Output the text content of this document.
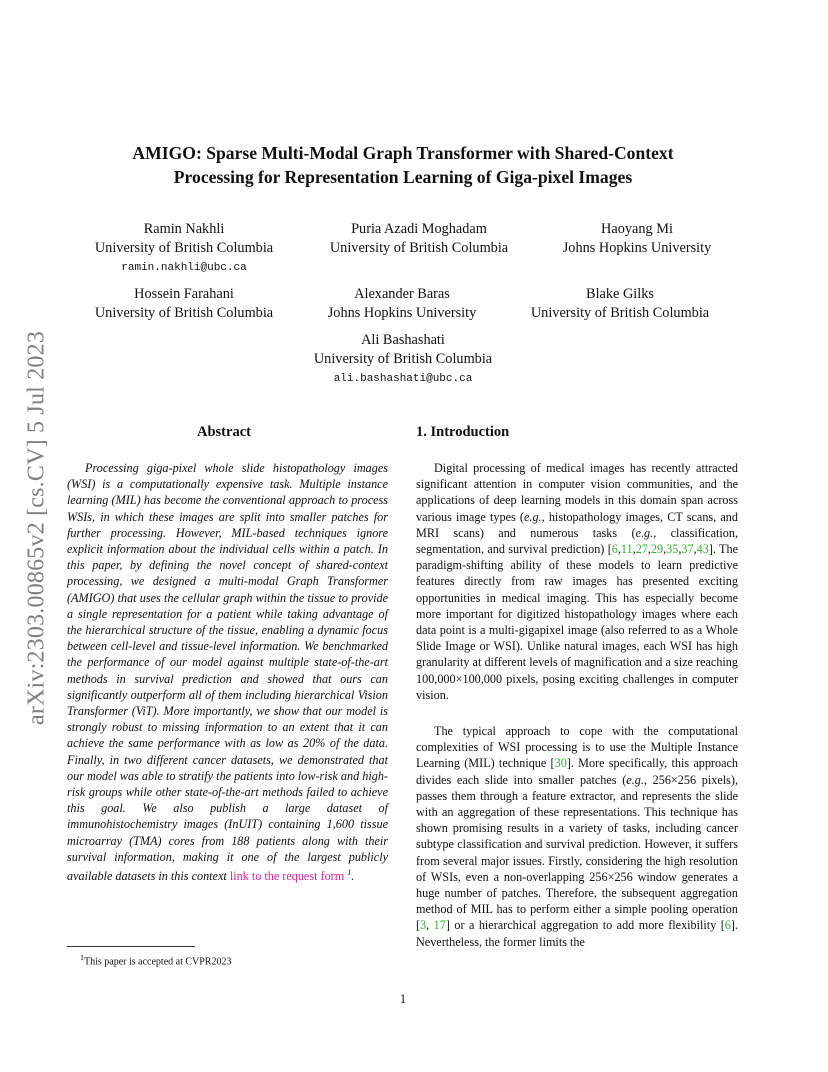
arXiv:2303.00865v2 [cs.CV] 5 Jul 2023
AMIGO: Sparse Multi-Modal Graph Transformer with Shared-Context
Processing for Representation Learning of Giga-pixel Images
Ramin Nakhli
University of British Columbia
ramin.nakhli@ubc.ca
Puria Azadi Moghadam
University of British Columbia
Haoyang Mi
Johns Hopkins University
Hossein Farahani
University of British Columbia
Alexander Baras
Johns Hopkins University
Blake Gilks
University of British Columbia
Ali Bashashati
University of British Columbia
ali.bashashati@ubc.ca
Abstract
Processing giga-pixel whole slide histopathology images (WSI) is a computationally expensive task. Multiple instance learning (MIL) has become the conventional approach to process WSIs, in which these images are split into smaller patches for further processing. However, MIL-based techniques ignore explicit information about the individual cells within a patch. In this paper, by defining the novel concept of shared-context processing, we designed a multi-modal Graph Transformer (AMIGO) that uses the cellular graph within the tissue to provide a single representation for a patient while taking advantage of the hierarchical structure of the tissue, enabling a dynamic focus between cell-level and tissue-level information. We benchmarked the performance of our model against multiple state-of-the-art methods in survival prediction and showed that ours can significantly outperform all of them including hierarchical Vision Transformer (ViT). More importantly, we show that our model is strongly robust to missing information to an extent that it can achieve the same performance with as low as 20% of the data. Finally, in two different cancer datasets, we demonstrated that our model was able to stratify the patients into low-risk and high-risk groups while other state-of-the-art methods failed to achieve this goal. We also publish a large dataset of immunohistochemistry images (InUIT) containing 1,600 tissue microarray (TMA) cores from 188 patients along with their survival information, making it one of the largest publicly available datasets in this context link to the request form $^1$.
1. Introduction
Digital processing of medical images has recently attracted significant attention in computer vision communities, and the applications of deep learning models in this domain span across various image types (e.g., histopathology images, CT scans, and MRI scans) and numerous tasks (e.g., classification, segmentation, and survival prediction) [6,11,27,29,35,37,43]. The paradigm-shifting ability of these models to learn predictive features directly from raw images has presented exciting opportunities in medical imaging. This has especially become more important for digitized histopathology images where each data point is a multi-gigapixel image (also referred to as a Whole Slide Image or WSI). Unlike natural images, each WSI has high granularity at different levels of magnification and a size reaching 100,000×100,000 pixels, posing exciting challenges in computer vision.
The typical approach to cope with the computational complexities of WSI processing is to use the Multiple Instance Learning (MIL) technique [30]. More specifically, this approach divides each slide into smaller patches (e.g., 256×256 pixels), passes them through a feature extractor, and represents the slide with an aggregation of these representations. This technique has shown promising results in a variety of tasks, including cancer subtype classification and survival prediction. However, it suffers from several major issues. Firstly, considering the high resolution of WSIs, even a non-overlapping 256×256 window generates a huge number of patches. Therefore, the subsequent aggregation method of MIL has to perform either a simple pooling operation [3, 17] or a hierarchical aggregation to add more flexibility [6]. Nevertheless, the former limits the
$^1$This paper is accepted at CVPR2023
1
